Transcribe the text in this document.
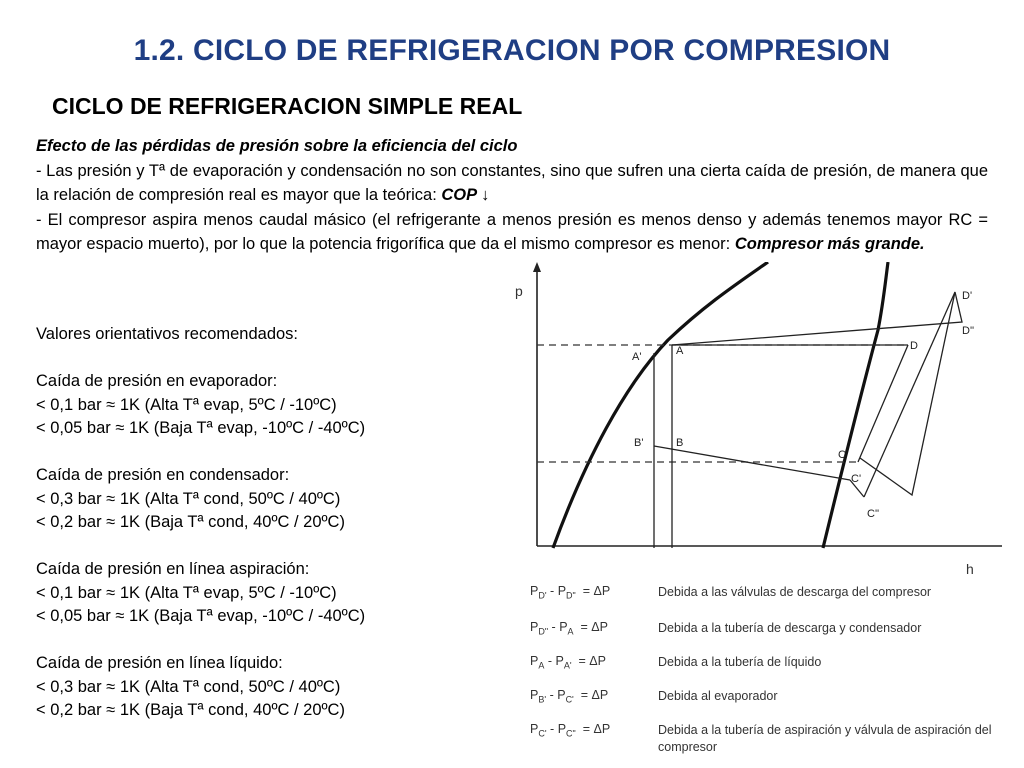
1.2. CICLO DE REFRIGERACION POR COMPRESION
CICLO DE REFRIGERACION SIMPLE REAL

Efecto de las pérdidas de presión sobre la eficiencia del ciclo

- Las presión y Tª de evaporación y condensación no son constantes, sino que sufren una cierta caída de presión, de manera que la relación de compresión real es mayor que la teórica: COP ↓

- El compresor aspira menos caudal másico (el refrigerante a menos presión es menos denso y además tenemos mayor RC = mayor espacio muerto), por lo que la potencia frigorífica que da el mismo compresor es menor: Compresor más grande.

Valores orientativos recomendados:
Caída de presión en evaporador:
< 0,1 bar ≈ 1K (Alta Tª evap, 5ºC / -10ºC)
< 0,05 bar ≈ 1K (Baja Tª evap, -10ºC / -40ºC)
Caída de presión en condensador:
< 0,3 bar ≈ 1K (Alta Tª cond, 50ºC / 40ºC)
< 0,2 bar ≈ 1K (Baja Tª cond, 40ºC / 20ºC)
Caída de presión en línea aspiración:
< 0,1 bar ≈ 1K (Alta Tª evap, 5ºC / -10ºC)
< 0,05 bar ≈ 1K (Baja Tª evap, -10ºC / -40ºC)
Caída de presión en línea líquido:
< 0,3 bar ≈ 1K (Alta Tª cond, 50ºC / 40ºC)
< 0,2 bar ≈ 1K (Baja Tª cond, 40ºC / 20ºC)
p
h
D'
D''
D
A
A'
B'	B
C
C'
C''
$P_{D'} - P_{D"} = \Delta P$	Debida a las válvulas de descarga del compresor
$P_{D"} - P_A = \Delta P$	Debida a la tubería de descarga y condensador
$P_A - P_{A'} = \Delta P$	Debida a la tubería de líquido
$P_{B'} - P_{C'} = \Delta P$	Debida al evaporador
$P_{C'} - P_{C"} = \Delta P$	Debida a la tubería de aspiración y válvula de aspiración del compresor
